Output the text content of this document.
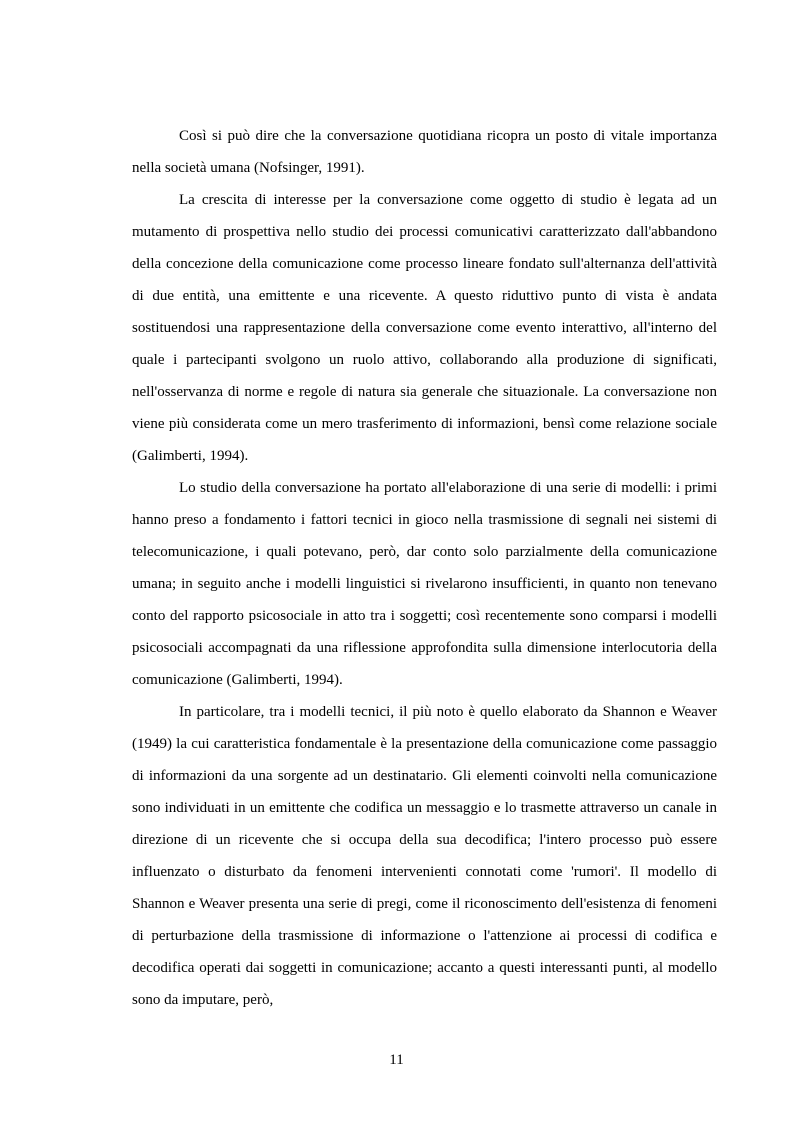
Così si può dire che la conversazione quotidiana ricopra un posto di vitale importanza nella società umana (Nofsinger, 1991).

La crescita di interesse per la conversazione come oggetto di studio è legata ad un mutamento di prospettiva nello studio dei processi comunicativi caratterizzato dall'abbandono della concezione della comunicazione come processo lineare fondato sull'alternanza dell'attività di due entità, una emittente e una ricevente. A questo riduttivo punto di vista è andata sostituendosi una rappresentazione della conversazione come evento interattivo, all'interno del quale i partecipanti svolgono un ruolo attivo, collaborando alla produzione di significati, nell'osservanza di norme e regole di natura sia generale che situazionale. La conversazione non viene più considerata come un mero trasferimento di informazioni, bensì come relazione sociale (Galimberti, 1994).

Lo studio della conversazione ha portato all'elaborazione di una serie di modelli: i primi hanno preso a fondamento i fattori tecnici in gioco nella trasmissione di segnali nei sistemi di telecomunicazione, i quali potevano, però, dar conto solo parzialmente della comunicazione umana; in seguito anche i modelli linguistici si rivelarono insufficienti, in quanto non tenevano conto del rapporto psicosociale in atto tra i soggetti; così recentemente sono comparsi i modelli psicosociali accompagnati da una riflessione approfondita sulla dimensione interlocutoria della comunicazione (Galimberti, 1994).

In particolare, tra i modelli tecnici, il più noto è quello elaborato da Shannon e Weaver (1949) la cui caratteristica fondamentale è la presentazione della comunicazione come passaggio di informazioni da una sorgente ad un destinatario. Gli elementi coinvolti nella comunicazione sono individuati in un emittente che codifica un messaggio e lo trasmette attraverso un canale in direzione di un ricevente che si occupa della sua decodifica; l'intero processo può essere influenzato o disturbato da fenomeni intervenienti connotati come 'rumori'. Il modello di Shannon e Weaver presenta una serie di pregi, come il riconoscimento dell'esistenza di fenomeni di perturbazione della trasmissione di informazione o l'attenzione ai processi di codifica e decodifica operati dai soggetti in comunicazione; accanto a questi interessanti punti, al modello sono da imputare, però,

11
